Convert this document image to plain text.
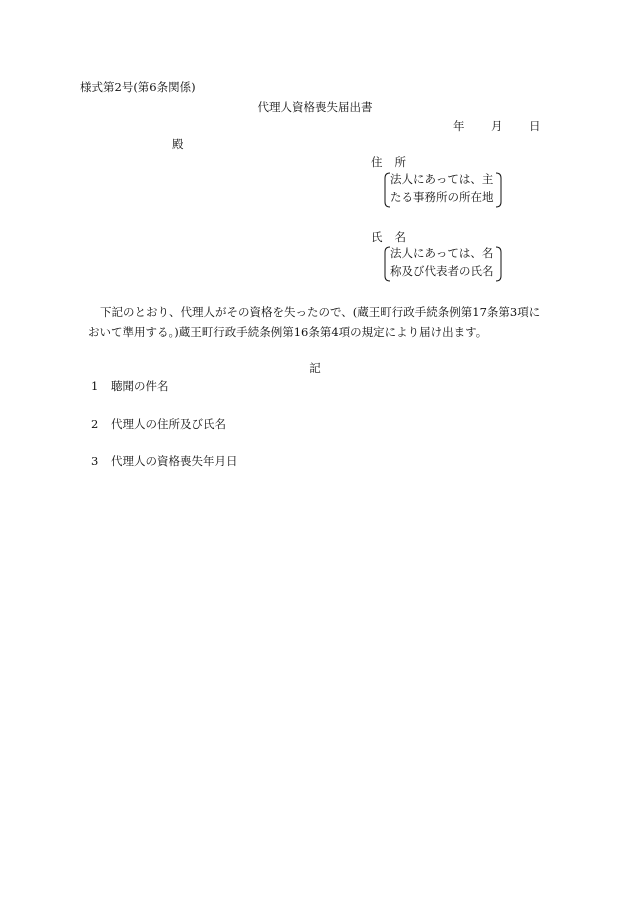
様式第2号(第6条関係)
代理人資格喪失届出書
年 月 日
殿
住 所
法人にあっては、主
たる事務所の所在地
氏 名
法人にあっては、名
称及び代表者の氏名
下記のとおり、代理人がその資格を失ったので、(蔵王町行政手続条例第17条第3項に
おいて準用する。)蔵王町行政手続条例第16条第4項の規定により届け出ます。
記
1 聴聞の件名
2 代理人の住所及び氏名
3 代理人の資格喪失年月日
